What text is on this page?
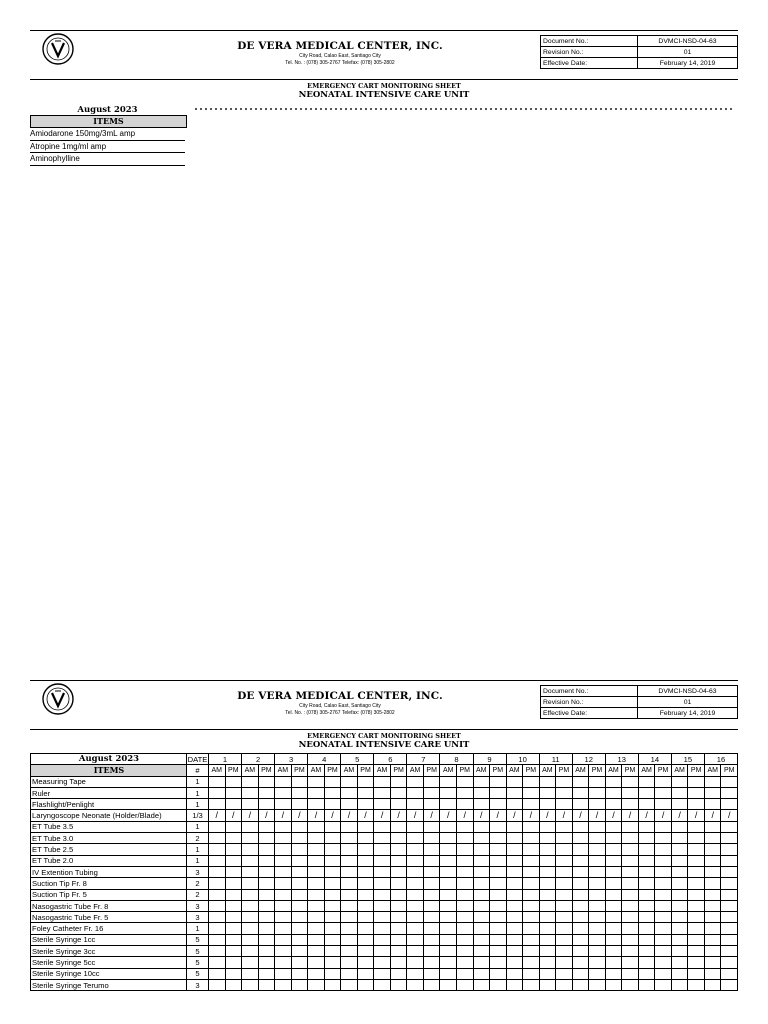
DE VERA MEDICAL CENTER, INC.
City Road, Calao East, Santiago City
Tel. No. : (078) 305-2767 Telefax: (078) 305-2802
Document No.:	DVMCI-NSD-04-63
Revision No.:	01
Effective Date:	February 14, 2019
EMERGENCY CART MONITORING SHEET
NEONATAL INTENSIVE CARE UNIT
August 2023
ITEMS
Amiodarone 150mg/3mL amp
Atropine 1mg/ml amp
Aminophylline
DE VERA MEDICAL CENTER, INC.
City Road, Calao East, Santiago City
Tel. No. : (078) 305-2767 Telefax: (078) 305-2802
Document No.:	DVMCI-NSD-04-63
Revision No.:	01
Effective Date:	February 14, 2019
EMERGENCY CART MONITORING SHEET
NEONATAL INTENSIVE CARE UNIT
August 2023	DATE	1		2		3		4		5		6		7		8		9		10		11		12		13		14		15		16	
ITEMS	#	AM	PM	AM	PM	AM	PM	AM	PM	AM	PM	AM	PM	AM	PM	AM	PM	AM	PM	AM	PM	AM	PM	AM	PM	AM	PM	AM	PM	AM	PM	AM	PM
Measuring Tape	1																																
Ruler	1																																
Flashlight/Penlight	1																																
Laryngoscope Neonate (Holder/Blade)	1/3	/	/	/	/	/	/	/	/	/	/	/	/	/	/	/	/	/	/	/	/	/	/	/	/	/	/	/	/	/	/	/	/
ET Tube 3.5	1																																
ET Tube 3.0	2																																
ET Tube 2.5	1																																
ET Tube 2.0	1																																
IV Extention Tubing	3																																
Suction Tip Fr. 8	2																																
Suction Tip Fr. 5	2																																
Nasogastric Tube Fr. 8	3																																
Nasogastric Tube Fr. 5	3																																
Foley Catheter Fr. 16	1																																
Sterile Syringe 1cc	5																																
Sterile Syringe 3cc	5																																
Sterile Syringe 5cc	5																																
Sterile Syringe 10cc	5																																
Sterile Syringe Terumo	3																																
